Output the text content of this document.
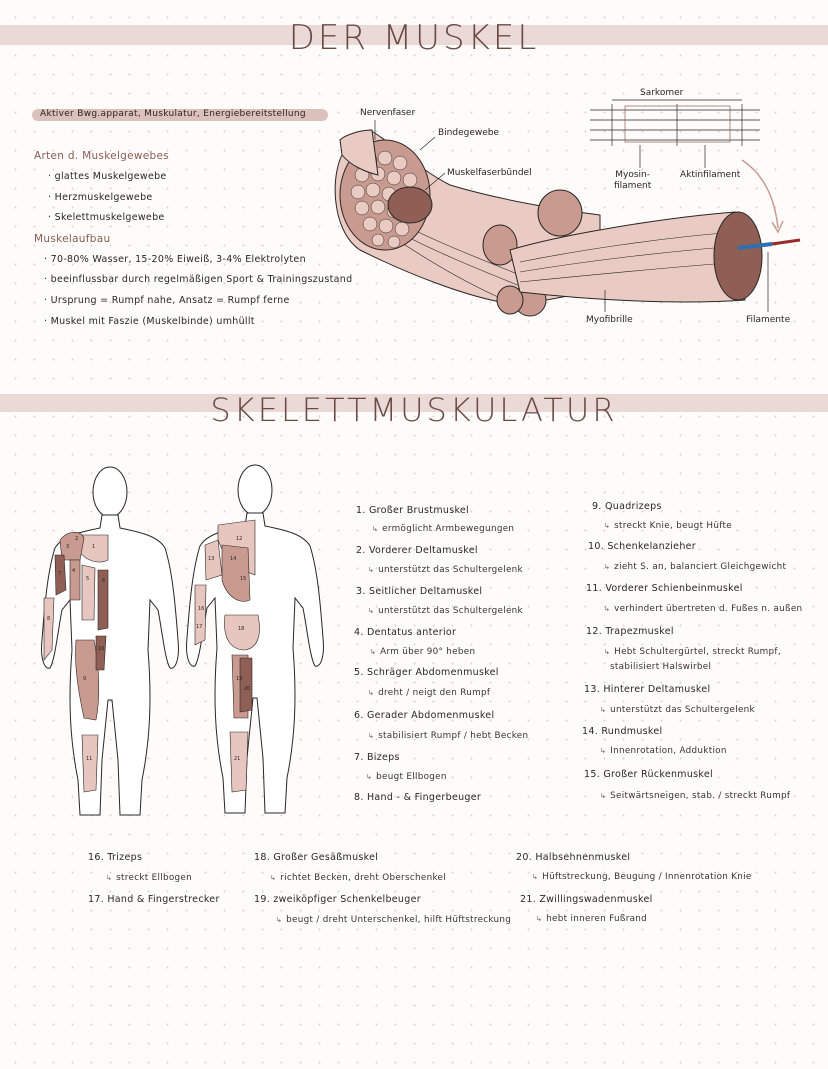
DER MUSKEL
Aktiver Bwg.apparat, Muskulatur, Energiebereitstellung
Arten d. Muskelgewebes
· glattes Muskelgewebe
· Herzmuskelgewebe
· Skelettmuskelgewebe
Muskelaufbau
· 70-80% Wasser, 15-20% Eiweiß, 3-4% Elektrolyten
· beeinflussbar durch regelmäßigen Sport & Trainingszustand
· Ursprung = Rumpf nahe, Ansatz = Rumpf ferne
· Muskel mit Faszie (Muskelbinde) umhüllt
Nervenfaser
Bindegewebe
Muskelfaserbündel
Sarkomer
Myosin-
filament
Aktinfilament
Myofibrille	Filamente
SKELETTMUSKULATUR
1
2
3
4
5	6
7
8
9
10
11
12
13	14
15
16
17	18
19
20
21
1. Großer Brustmuskel
↳ ermöglicht Armbewegungen
2. Vorderer Deltamuskel
↳ unterstützt das Schultergelenk
3. Seitlicher Deltamuskel
↳ unterstützt das Schultergelenk
4. Dentatus anterior
↳ Arm über 90° heben
5. Schräger Abdomenmuskel
↳ dreht / neigt den Rumpf
6. Gerader Abdomenmuskel
↳ stabilisiert Rumpf / hebt Becken
7. Bizeps
↳ beugt Ellbogen
8. Hand - & Fingerbeuger
9. Quadrizeps
↳ streckt Knie, beugt Hüfte
10. Schenkelanzieher
↳ zieht S. an, balanciert Gleichgewicht
11. Vorderer Schienbeinmuskel
↳ verhindert übertreten d. Fußes n. außen
12. Trapezmuskel
↳ Hebt Schultergürtel, streckt Rumpf,
stabilisiert Halswirbel
13. Hinterer Deltamuskel
↳ unterstützt das Schultergelenk
14. Rundmuskel
↳ Innenrotation, Adduktion
15. Großer Rückenmuskel
↳ Seitwärtsneigen, stab. / streckt Rumpf
16. Trizeps
↳ streckt Ellbogen
17. Hand & Fingerstrecker
18. Großer Gesäßmuskel
↳ richtet Becken, dreht Oberschenkel
19. zweiköpfiger Schenkelbeuger
↳ beugt / dreht Unterschenkel, hilft Hüftstreckung
20. Halbsehnenmuskel
↳ Hüftstreckung, Beugung / Innenrotation Knie
21. Zwillingswadenmuskel
↳ hebt inneren Fußrand
